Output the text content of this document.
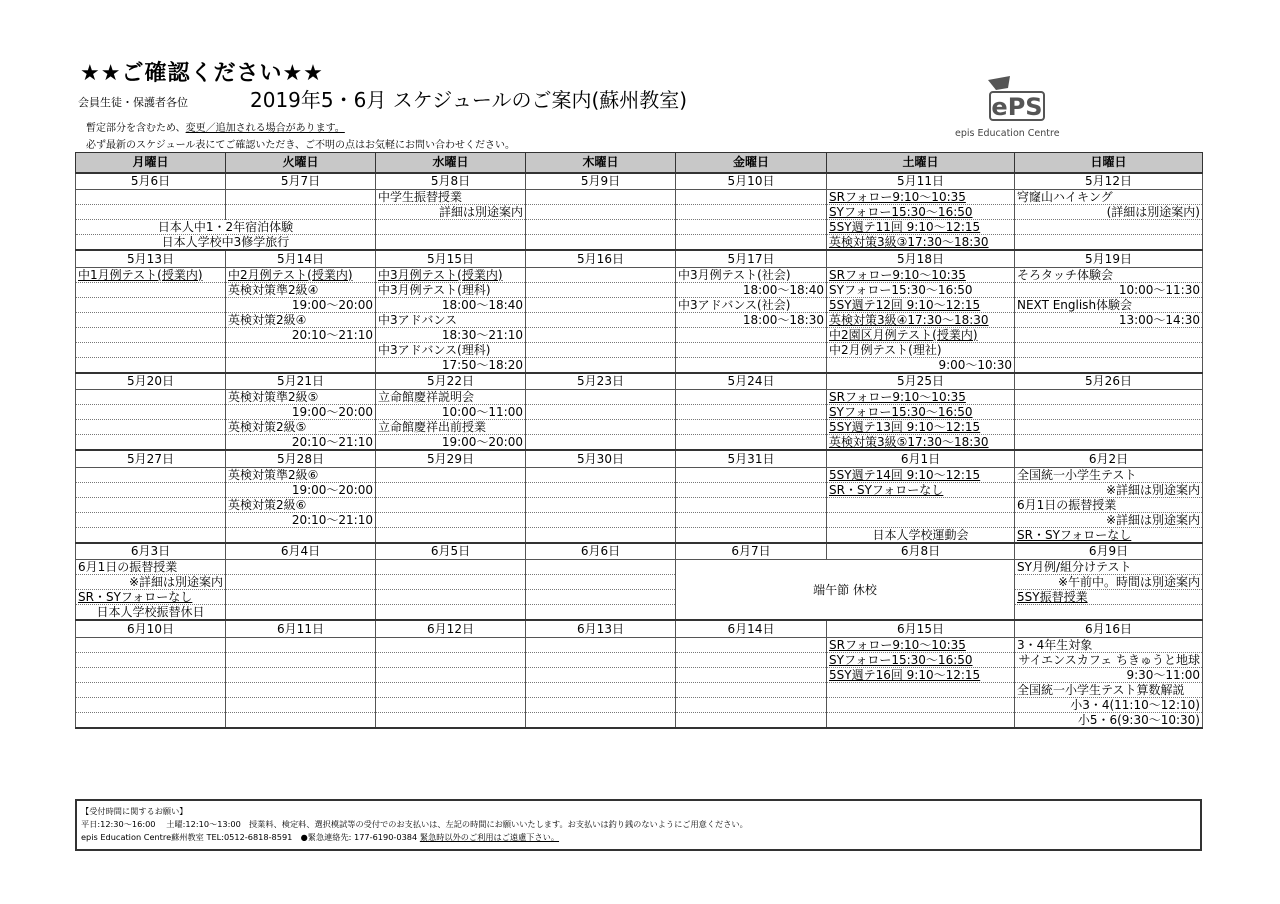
★★ご確認ください★★
会員生徒・保護者各位	2019年5・6月 スケジュールのご案内(蘇州教室)
暫定部分を含むため、変更／追加される場合があります。
必ず最新のスケジュール表にてご確認いただき、ご不明の点はお気軽にお問い合わせください。
ePS
epis Education Centre
月曜日	火曜日	水曜日	木曜日	金曜日	土曜日	日曜日
5月6日	5月7日	5月8日	5月9日	5月10日	5月11日	5月12日
		中学生振替授業			SRフォロー9:10～10:35	穹窿山ハイキング
		詳細は別途案内			SYフォロー15:30～16:50	(詳細は別途案内)
日本人中1・2年宿泊体験					5SY週テ11回 9:10～12:15	
日本人学校中3修学旅行					英検対策3級③17:30～18:30	
5月13日	5月14日	5月15日	5月16日	5月17日	5月18日	5月19日
中1月例テスト(授業内)	中2月例テスト(授業内)	中3月例テスト(授業内)		中3月例テスト(社会)	SRフォロー9:10～10:35	そろタッチ体験会
	英検対策準2級④	中3月例テスト(理科)		18:00～18:40	SYフォロー15:30～16:50	10:00～11:30
	19:00～20:00	18:00～18:40		中3アドバンス(社会)	5SY週テ12回 9:10～12:15	NEXT English体験会
	英検対策2級④	中3アドバンス		18:00～18:30	英検対策3級④17:30～18:30	13:00～14:30
	20:10～21:10	18:30～21:10			中2園区月例テスト(授業内)	
		中3アドバンス(理科)			中2月例テスト(理社)	
		17:50～18:20			9:00～10:30	
5月20日	5月21日	5月22日	5月23日	5月24日	5月25日	5月26日
	英検対策準2級⑤	立命館慶祥説明会			SRフォロー9:10～10:35	
	19:00～20:00	10:00～11:00			SYフォロー15:30～16:50	
	英検対策2級⑤	立命館慶祥出前授業			5SY週テ13回 9:10～12:15	
	20:10～21:10	19:00～20:00			英検対策3級⑤17:30～18:30	
5月27日	5月28日	5月29日	5月30日	5月31日	6月1日	6月2日
	英検対策準2級⑥				5SY週テ14回 9:10～12:15	全国統一小学生テスト
	19:00～20:00				SR・SYフォローなし	※詳細は別途案内
	英検対策2級⑥					6月1日の振替授業
	20:10～21:10					※詳細は別途案内
					日本人学校運動会	SR・SYフォローなし
6月3日	6月4日	6月5日	6月6日	6月7日	6月8日	6月9日
6月1日の振替授業				端午節 休校		SY月例/組分けテスト
※詳細は別途案内						※午前中。時間は別途案内
SR・SYフォローなし						5SY振替授業
日本人学校振替休日						
6月10日	6月11日	6月12日	6月13日	6月14日	6月15日	6月16日
					SRフォロー9:10～10:35	3・4年生対象
					SYフォロー15:30～16:50	サイエンスカフェ ちきゅうと地球
					5SY週テ16回 9:10～12:15	9:30～11:00
						全国統一小学生テスト算数解説
						小3・4(11:10～12:10)
						小5・6(9:30～10:30)
【受付時間に関するお願い】
平日:12:30～16:00　 土曜:12:10～13:00　授業料、検定料、選択模試等の受付でのお支払いは、左記の時間にお願いいたします。お支払いは釣り銭のないようにご用意ください。
epis Education Centre蘇州教室 TEL:0512-6818-8591　●緊急連絡先: 177-6190-0384 緊急時以外のご利用はご遠慮下さい。
